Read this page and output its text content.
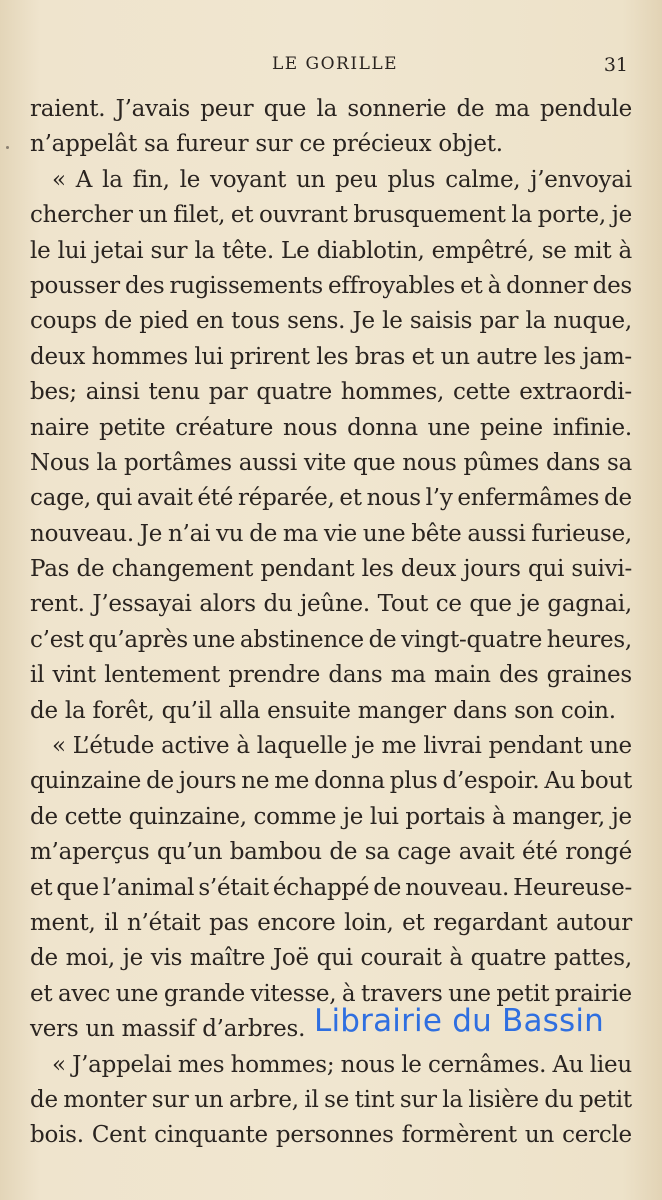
LE GORILLE	31
raient. J’avais peur que la sonnerie de ma pendule
n’appelât sa fureur sur ce précieux objet.
« A la fin, le voyant un peu plus calme, j’envoyai
chercher un filet, et ouvrant brusquement la porte, je
le lui jetai sur la tête. Le diablotin, empêtré, se mit à
pousser des rugissements effroyables et à donner des
coups de pied en tous sens. Je le saisis par la nuque,
deux hommes lui prirent les bras et un autre les jam-
bes; ainsi tenu par quatre hommes, cette extraordi-
naire petite créature nous donna une peine infinie.
Nous la portâmes aussi vite que nous pûmes dans sa
cage, qui avait été réparée, et nous l’y enfermâmes de
nouveau. Je n’ai vu de ma vie une bête aussi furieuse,
Pas de changement pendant les deux jours qui suivi-
rent. J’essayai alors du jeûne. Tout ce que je gagnai,
c’est qu’après une abstinence de vingt-quatre heures,
il vint lentement prendre dans ma main des graines
de la forêt, qu’il alla ensuite manger dans son coin.
« L’étude active à laquelle je me livrai pendant une
quinzaine de jours ne me donna plus d’espoir. Au bout
de cette quinzaine, comme je lui portais à manger, je
m’aperçus qu’un bambou de sa cage avait été rongé
et que l’animal s’était échappé de nouveau. Heureuse-
ment, il n’était pas encore loin, et regardant autour
de moi, je vis maître Joë qui courait à quatre pattes,
et avec une grande vitesse, à travers une petit prairie
vers un massif d’arbres.
« J’appelai mes hommes; nous le cernâmes. Au lieu
de monter sur un arbre, il se tint sur la lisière du petit
bois. Cent cinquante personnes formèrent un cercle
Librairie du Bassin
